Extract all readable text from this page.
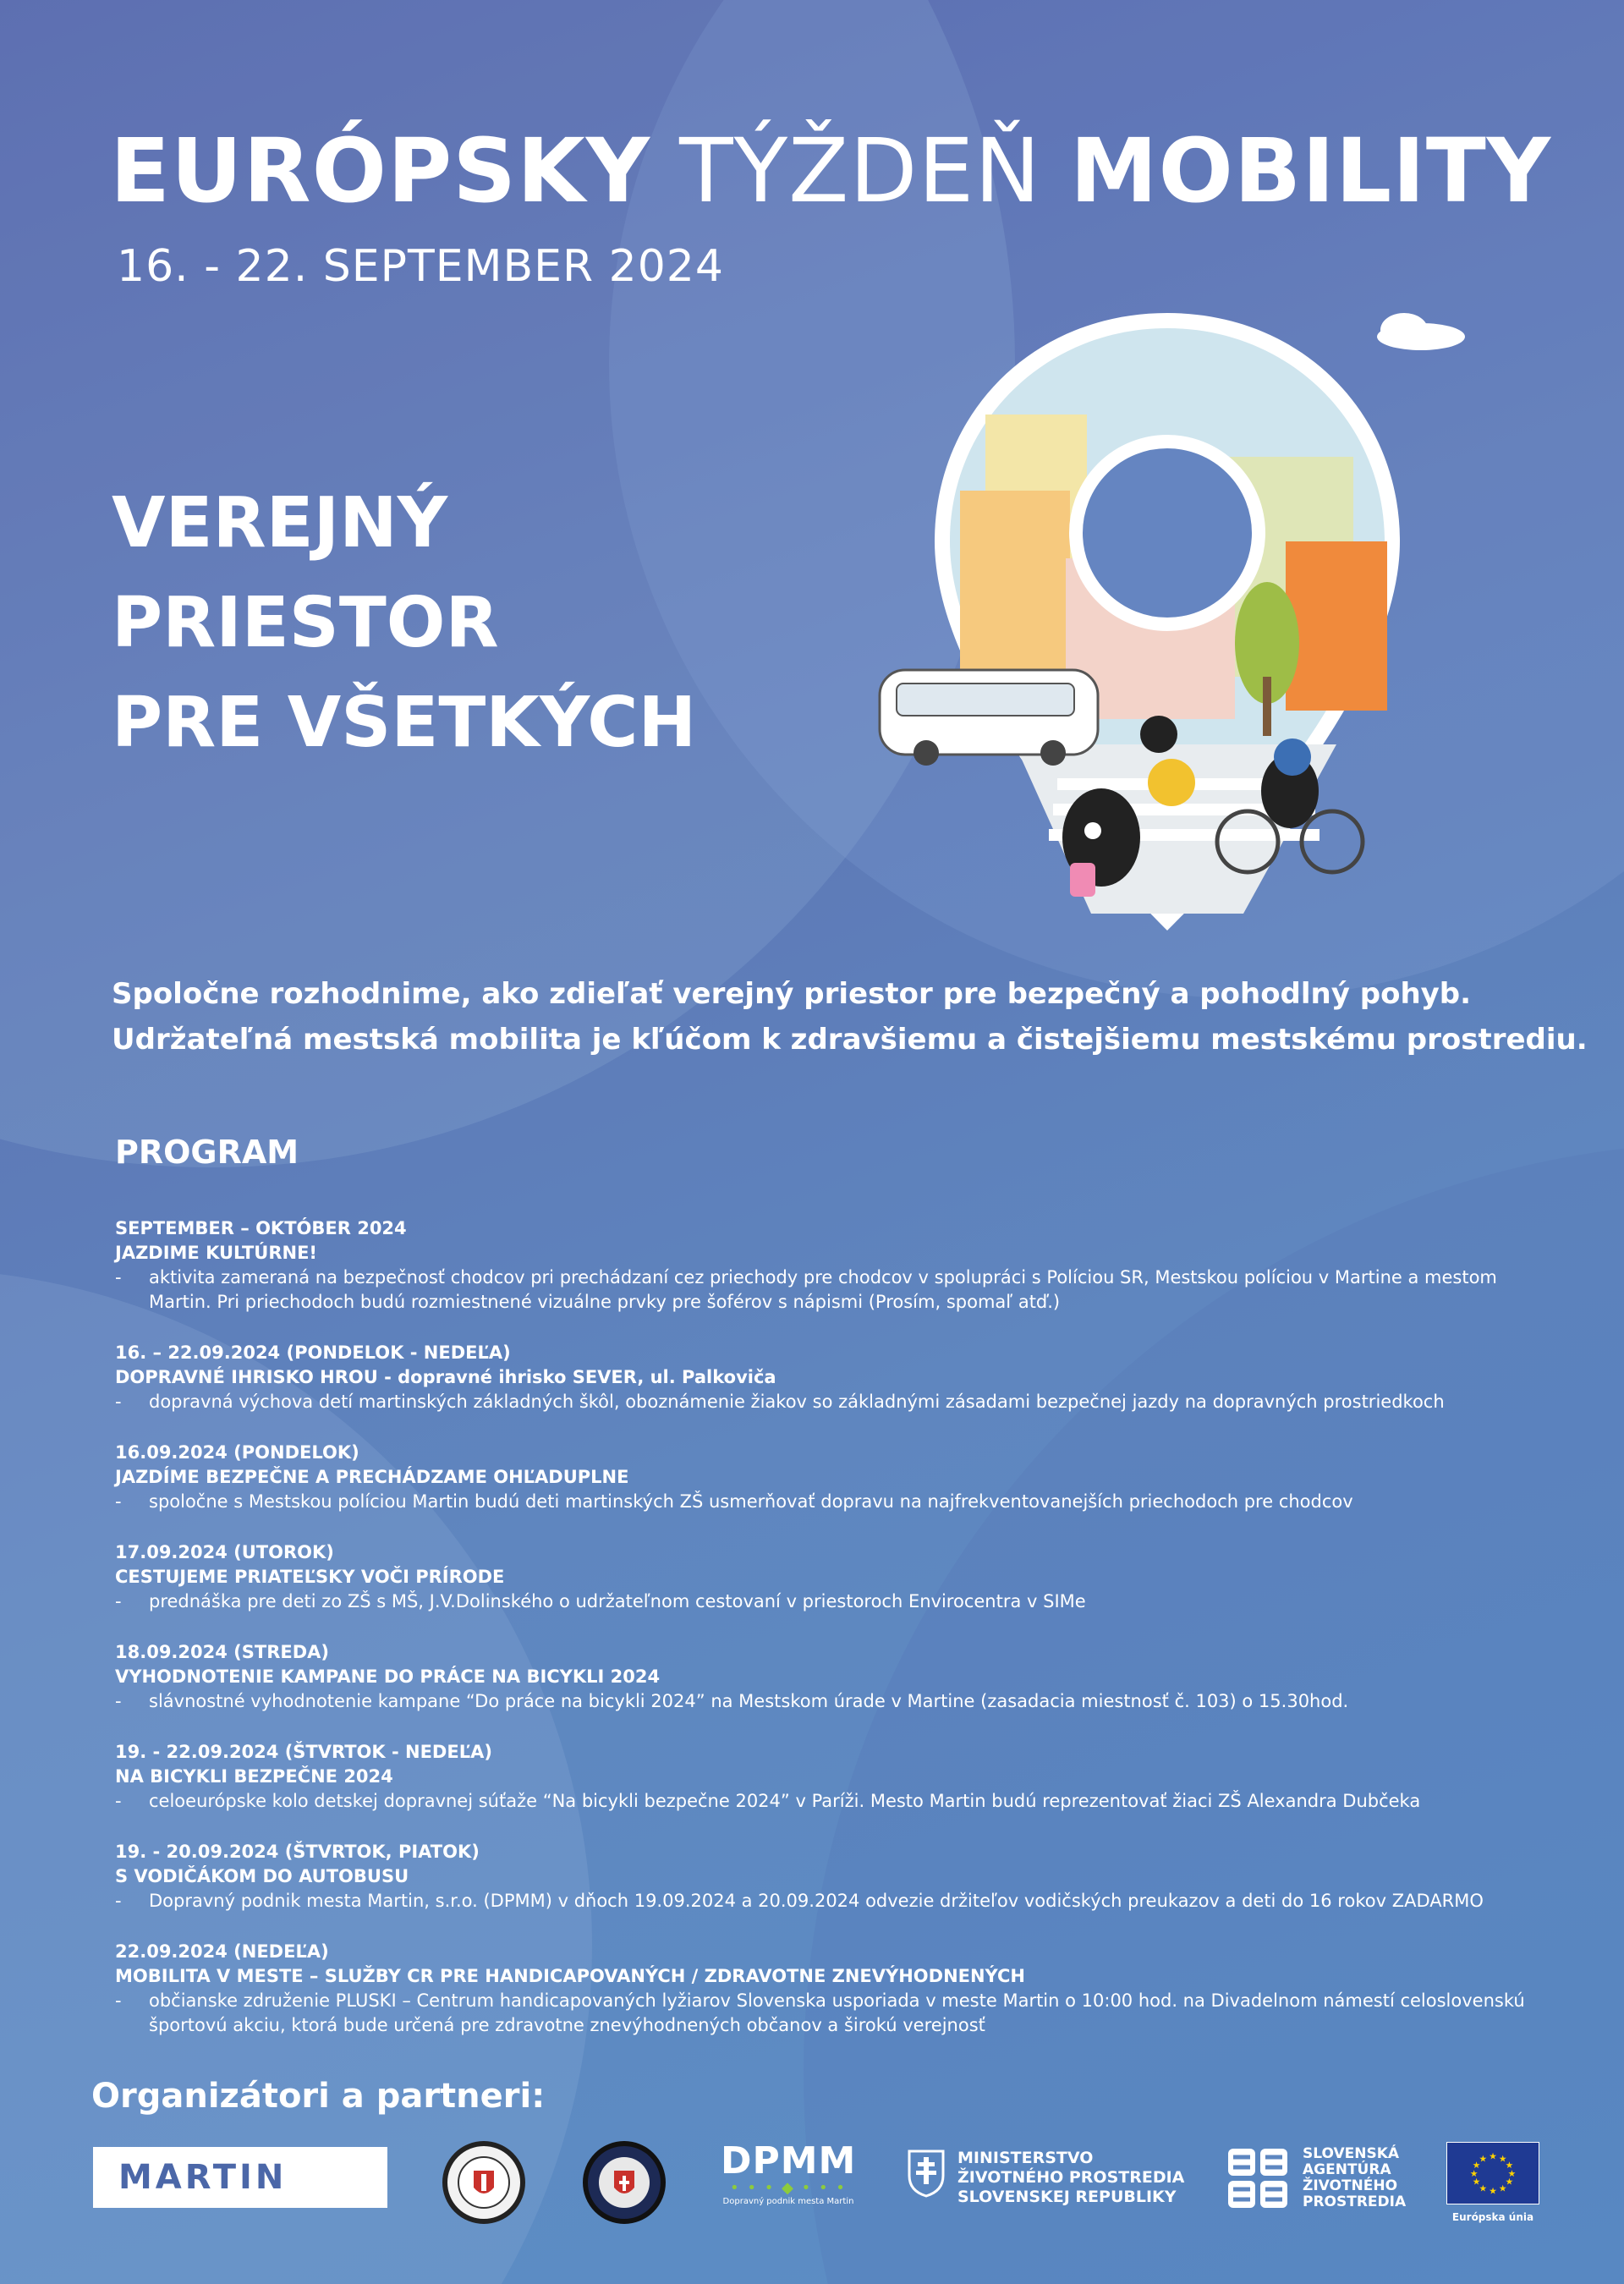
EURÓPSKY TÝŽDEŇ MOBILITY
16. - 22. SEPTEMBER 2024
VEREJNÝ
PRIESTOR
PRE VŠETKÝCH
Spoločne rozhodnime, ako zdieľať verejný priestor pre bezpečný a pohodlný pohyb.
Udržateľná mestská mobilita je kľúčom k zdravšiemu a čistejšiemu mestskému prostrediu.
PROGRAM
SEPTEMBER – OKTÓBER 2024
JAZDIME KULTÚRNE!
- aktivita zameraná na bezpečnosť chodcov pri prechádzaní cez priechody pre chodcov v spolupráci s Políciou SR, Mestskou políciou v Martine a mestom Martin. Pri priechodoch budú rozmiestnené vizuálne prvky pre šoférov s nápismi (Prosím, spomaľ atď.)
16. – 22.09.2024 (PONDELOK - NEDEĽA)
DOPRAVNÉ IHRISKO HROU - dopravné ihrisko SEVER, ul. Palkoviča
- dopravná výchova detí martinských základných škôl, oboznámenie žiakov so základnými zásadami bezpečnej jazdy na dopravných prostriedkoch
16.09.2024 (PONDELOK)
JAZDÍME BEZPEČNE A PRECHÁDZAME OHĽADUPLNE
- spoločne s Mestskou políciou Martin budú deti martinských ZŠ usmerňovať dopravu na najfrekventovanejších priechodoch pre chodcov
17.09.2024 (UTOROK)
CESTUJEME PRIATEĽSKY VOČI PRÍRODE
- prednáška pre deti zo ZŠ s MŠ, J.V.Dolinského o udržateľnom cestovaní v priestoroch Envirocentra v SIMe
18.09.2024 (STREDA)
VYHODNOTENIE KAMPANE DO PRÁCE NA BICYKLI 2024
- slávnostné vyhodnotenie kampane “Do práce na bicykli 2024” na Mestskom úrade v Martine (zasadacia miestnosť č. 103) o 15.30hod.
19. - 22.09.2024 (ŠTVRTOK - NEDEĽA)
NA BICYKLI BEZPEČNE 2024
- celoeurópske kolo detskej dopravnej súťaže “Na bicykli bezpečne 2024” v Paríži. Mesto Martin budú reprezentovať žiaci ZŠ Alexandra Dubčeka
19. - 20.09.2024 (ŠTVRTOK, PIATOK)
S VODIČÁKOM DO AUTOBUSU
- Dopravný podnik mesta Martin, s.r.o. (DPMM) v dňoch 19.09.2024 a 20.09.2024 odvezie držiteľov vodičských preukazov a deti do 16 rokov ZADARMO
22.09.2024 (NEDEĽA)
MOBILITA V MESTE – SLUŽBY CR PRE HANDICAPOVANÝCH / ZDRAVOTNE ZNEVÝHODNENÝCH
- občianske združenie PLUSKI – Centrum handicapovaných lyžiarov Slovenska usporiada v meste Martin o 10:00 hod. na Divadelnom námestí celoslovenskú športovú akciu, ktorá bude určená pre zdravotne znevýhodnených občanov a širokú verejnosť
Organizátori a partneri:
MARTIN	DPMM
• • • ◆ • • •
Dopravný podnik mesta Martin
MINISTERSTVO
ŽIVOTNÉHO PROSTREDIA
SLOVENSKEJ REPUBLIKY
SLOVENSKÁ
AGENTÚRA
ŽIVOTNÉHO
PROSTREDIA
★ ★
★
★
★
★
★
★
★
★
★
★
Európska únia
